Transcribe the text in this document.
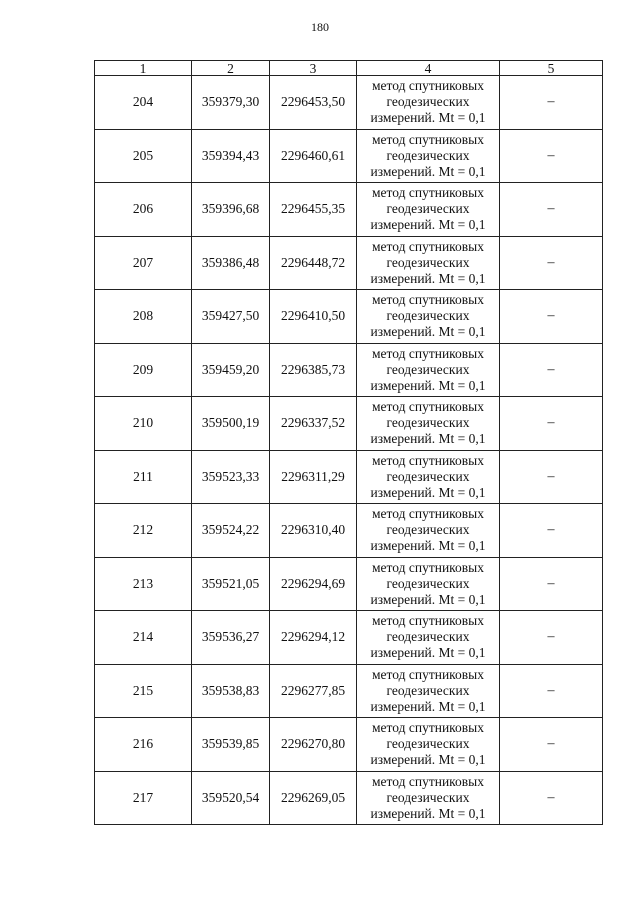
180
1	2	3	4	5
204	359379,30	2296453,50	метод спутниковых
геодезических
измерений. Mt = 0,1	–
205	359394,43	2296460,61	метод спутниковых
геодезических
измерений. Mt = 0,1	–
206	359396,68	2296455,35	метод спутниковых
геодезических
измерений. Mt = 0,1	–
207	359386,48	2296448,72	метод спутниковых
геодезических
измерений. Mt = 0,1	–
208	359427,50	2296410,50	метод спутниковых
геодезических
измерений. Mt = 0,1	–
209	359459,20	2296385,73	метод спутниковых
геодезических
измерений. Mt = 0,1	–
210	359500,19	2296337,52	метод спутниковых
геодезических
измерений. Mt = 0,1	–
211	359523,33	2296311,29	метод спутниковых
геодезических
измерений. Mt = 0,1	–
212	359524,22	2296310,40	метод спутниковых
геодезических
измерений. Mt = 0,1	–
213	359521,05	2296294,69	метод спутниковых
геодезических
измерений. Mt = 0,1	–
214	359536,27	2296294,12	метод спутниковых
геодезических
измерений. Mt = 0,1	–
215	359538,83	2296277,85	метод спутниковых
геодезических
измерений. Mt = 0,1	–
216	359539,85	2296270,80	метод спутниковых
геодезических
измерений. Mt = 0,1	–
217	359520,54	2296269,05	метод спутниковых
геодезических
измерений. Mt = 0,1	–
